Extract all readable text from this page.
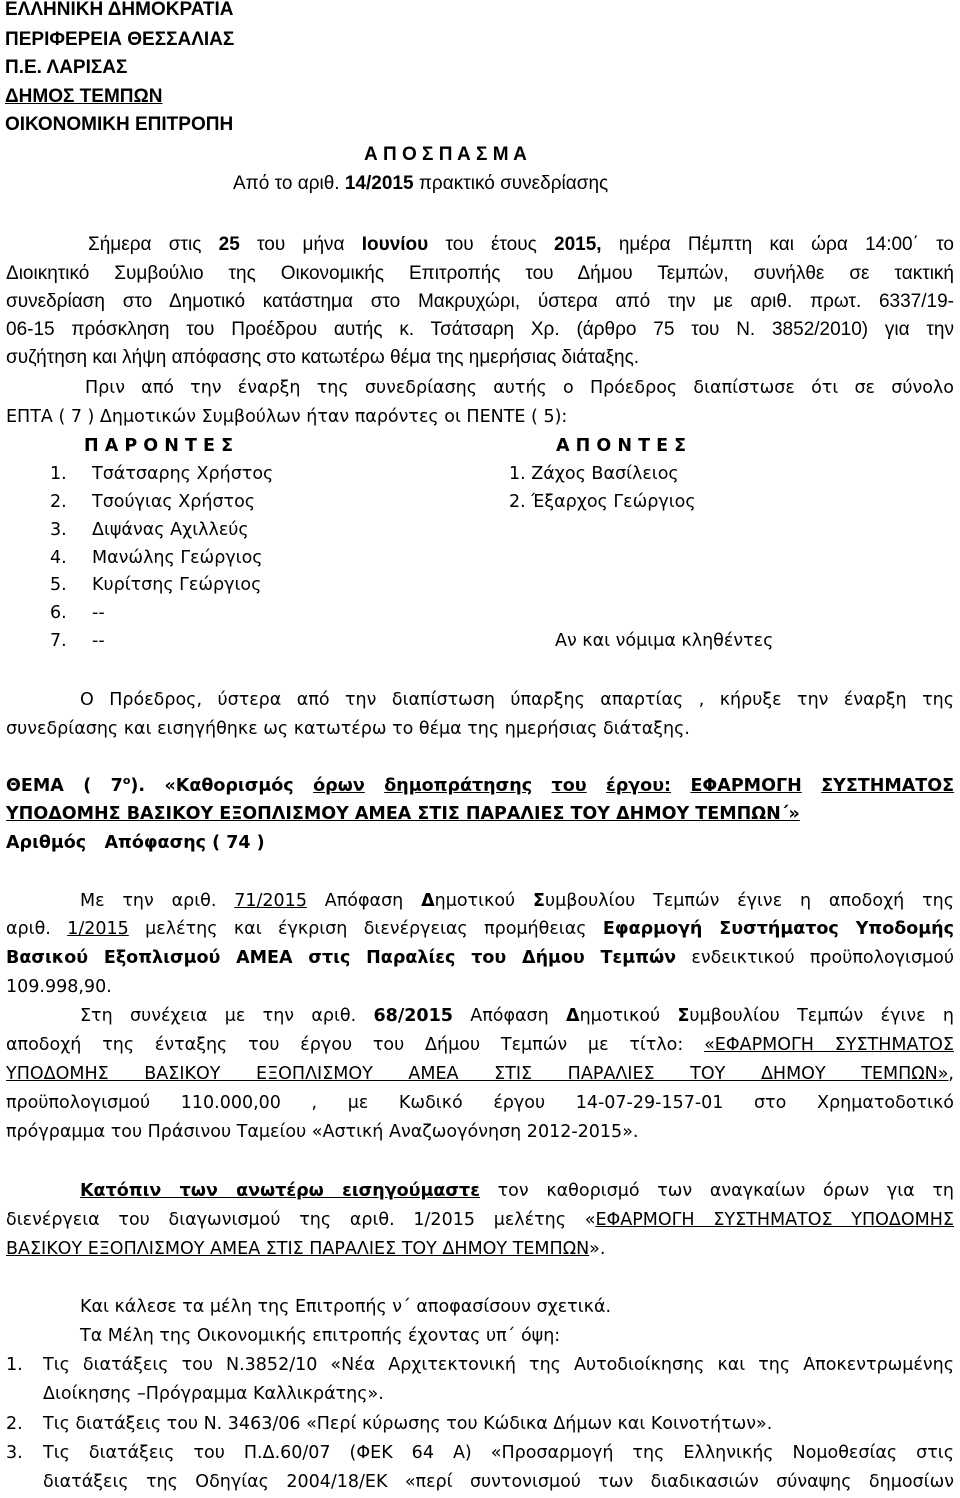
ΕΛΛΗΝΙΚΗ ΔΗΜΟΚΡΑΤΙΑ
ΠΕΡΙΦΕΡΕΙΑ ΘΕΣΣΑΛΙΑΣ
Π.Ε. ΛΑΡΙΣΑΣ
ΔΗΜΟΣ ΤΕΜΠΩΝ
ΟΙΚΟΝΟΜΙΚΗ ΕΠΙΤΡΟΠΗ
Α Π Ο Σ Π Α Σ Μ Α
Από το αριθ. 14/2015 πρακτικό συνεδρίασης
Σήμερα στις 25 του μήνα Ιουνίου του έτους 2015, ημέρα Πέμπτη και ώρα 14:00΄ το
Διοικητικό Συμβούλιο της Οικονομικής Επιτροπής του Δήμου Τεμπών, συνήλθε σε τακτική
συνεδρίαση στο Δημοτικό κατάστημα στο Μακρυχώρι, ύστερα από την με αριθ. πρωτ. 6337/19-
06-15 πρόσκληση του Προέδρου αυτής κ. Τσάτσαρη Χρ. (άρθρο 75 του Ν. 3852/2010) για την
συζήτηση και λήψη απόφασης στο κατωτέρω θέμα της ημερήσιας διάταξης.
Πριν από την έναρξη της συνεδρίασης αυτής ο Πρόεδρος διαπίστωσε ότι σε σύνολο
ΕΠΤΑ ( 7 ) Δημοτικών Συμβούλων ήταν παρόντες οι ΠΕΝΤΕ ( 5):
Π Α Ρ Ο Ν Τ Ε Σ	Α Π Ο Ν Τ Ε Σ
1. Τσάτσαρης Χρήστος
2. Τσούγιας Χρήστος
3. Διψάνας Αχιλλεύς
4. Μανώλης Γεώργιος
5. Κυρίτσης Γεώργιος
6. --
7. --
1. Ζάχος Βασίλειος
2. Έξαρχος Γεώργιος
Αν και νόμιμα κληθέντες
Ο Πρόεδρος, ύστερα από την διαπίστωση ύπαρξης απαρτίας , κήρυξε την έναρξη της
συνεδρίασης και εισηγήθηκε ως κατωτέρω το θέμα της ημερήσιας διάταξης.
ΘΕΜΑ ( $7^o$). «Καθορισμός όρων δημοπράτησης του έργου: ΕΦΑΡΜΟΓΗ ΣΥΣΤΗΜΑΤΟΣ
ΥΠΟΔΟΜΗΣ ΒΑΣΙΚΟΥ ΕΞΟΠΛΙΣΜΟΥ ΑΜΕΑ ΣΤΙΣ ΠΑΡΑΛΙΕΣ ΤΟΥ ΔΗΜΟΥ ΤΕΜΠΩΝ΄»
Αριθμός   Απόφασης ( 74 )
Με την αριθ. 71/2015 Απόφαση Δημοτικού Συμβουλίου Τεμπών έγινε η αποδοχή της
αριθ. 1/2015 μελέτης και έγκριση διενέργειας προμήθειας Εφαρμογή Συστήματος Υποδομής
Βασικού Εξοπλισμού ΑΜΕΑ στις Παραλίες του Δήμου Τεμπών ενδεικτικού προϋπολογισμού
109.998,90.
Στη συνέχεια με την αριθ. 68/2015 Απόφαση Δημοτικού Συμβουλίου Τεμπών έγινε η
αποδοχή της ένταξης του έργου του Δήμου Τεμπών με τίτλο: «ΕΦΑΡΜΟΓΗ ΣΥΣΤΗΜΑΤΟΣ
ΥΠΟΔΟΜΗΣ ΒΑΣΙΚΟΥ ΕΞΟΠΛΙΣΜΟΥ ΑΜΕΑ ΣΤΙΣ ΠΑΡΑΛΙΕΣ ΤΟΥ ΔΗΜΟΥ ΤΕΜΠΩΝ»,
προϋπολογισμού 110.000,00 , με Κωδικό έργου 14-07-29-157-01 στο Χρηματοδοτικό
πρόγραμμα του Πράσινου Ταμείου «Αστική Αναζωογόνηση 2012-2015».
Κατόπιν των ανωτέρω εισηγούμαστε τον καθορισμό των αναγκαίων όρων για τη
διενέργεια του διαγωνισμού της αριθ. 1/2015 μελέτης «ΕΦΑΡΜΟΓΗ ΣΥΣΤΗΜΑΤΟΣ ΥΠΟΔΟΜΗΣ
ΒΑΣΙΚΟΥ ΕΞΟΠΛΙΣΜΟΥ ΑΜΕΑ ΣΤΙΣ ΠΑΡΑΛΙΕΣ ΤΟΥ ΔΗΜΟΥ ΤΕΜΠΩΝ».
Και κάλεσε τα μέλη της Επιτροπής ν΄ αποφασίσουν σχετικά.
Τα Μέλη της Οικονομικής επιτροπής έχοντας υπ΄ όψη:
1. Τις διατάξεις του Ν.3852/10 «Νέα Αρχιτεκτονική της Αυτοδιοίκησης και της Αποκεντρωμένης
Διοίκησης –Πρόγραμμα Καλλικράτης».
2. Τις διατάξεις του Ν. 3463/06 «Περί κύρωσης του Κώδικα Δήμων και Κοινοτήτων».
3. Τις διατάξεις του Π.Δ.60/07 (ΦΕΚ 64 Α) «Προσαρμογή της Ελληνικής Νομοθεσίας στις
διατάξεις της Οδηγίας 2004/18/ΕΚ «περί συντονισμού των διαδικασιών σύναψης δημοσίων
